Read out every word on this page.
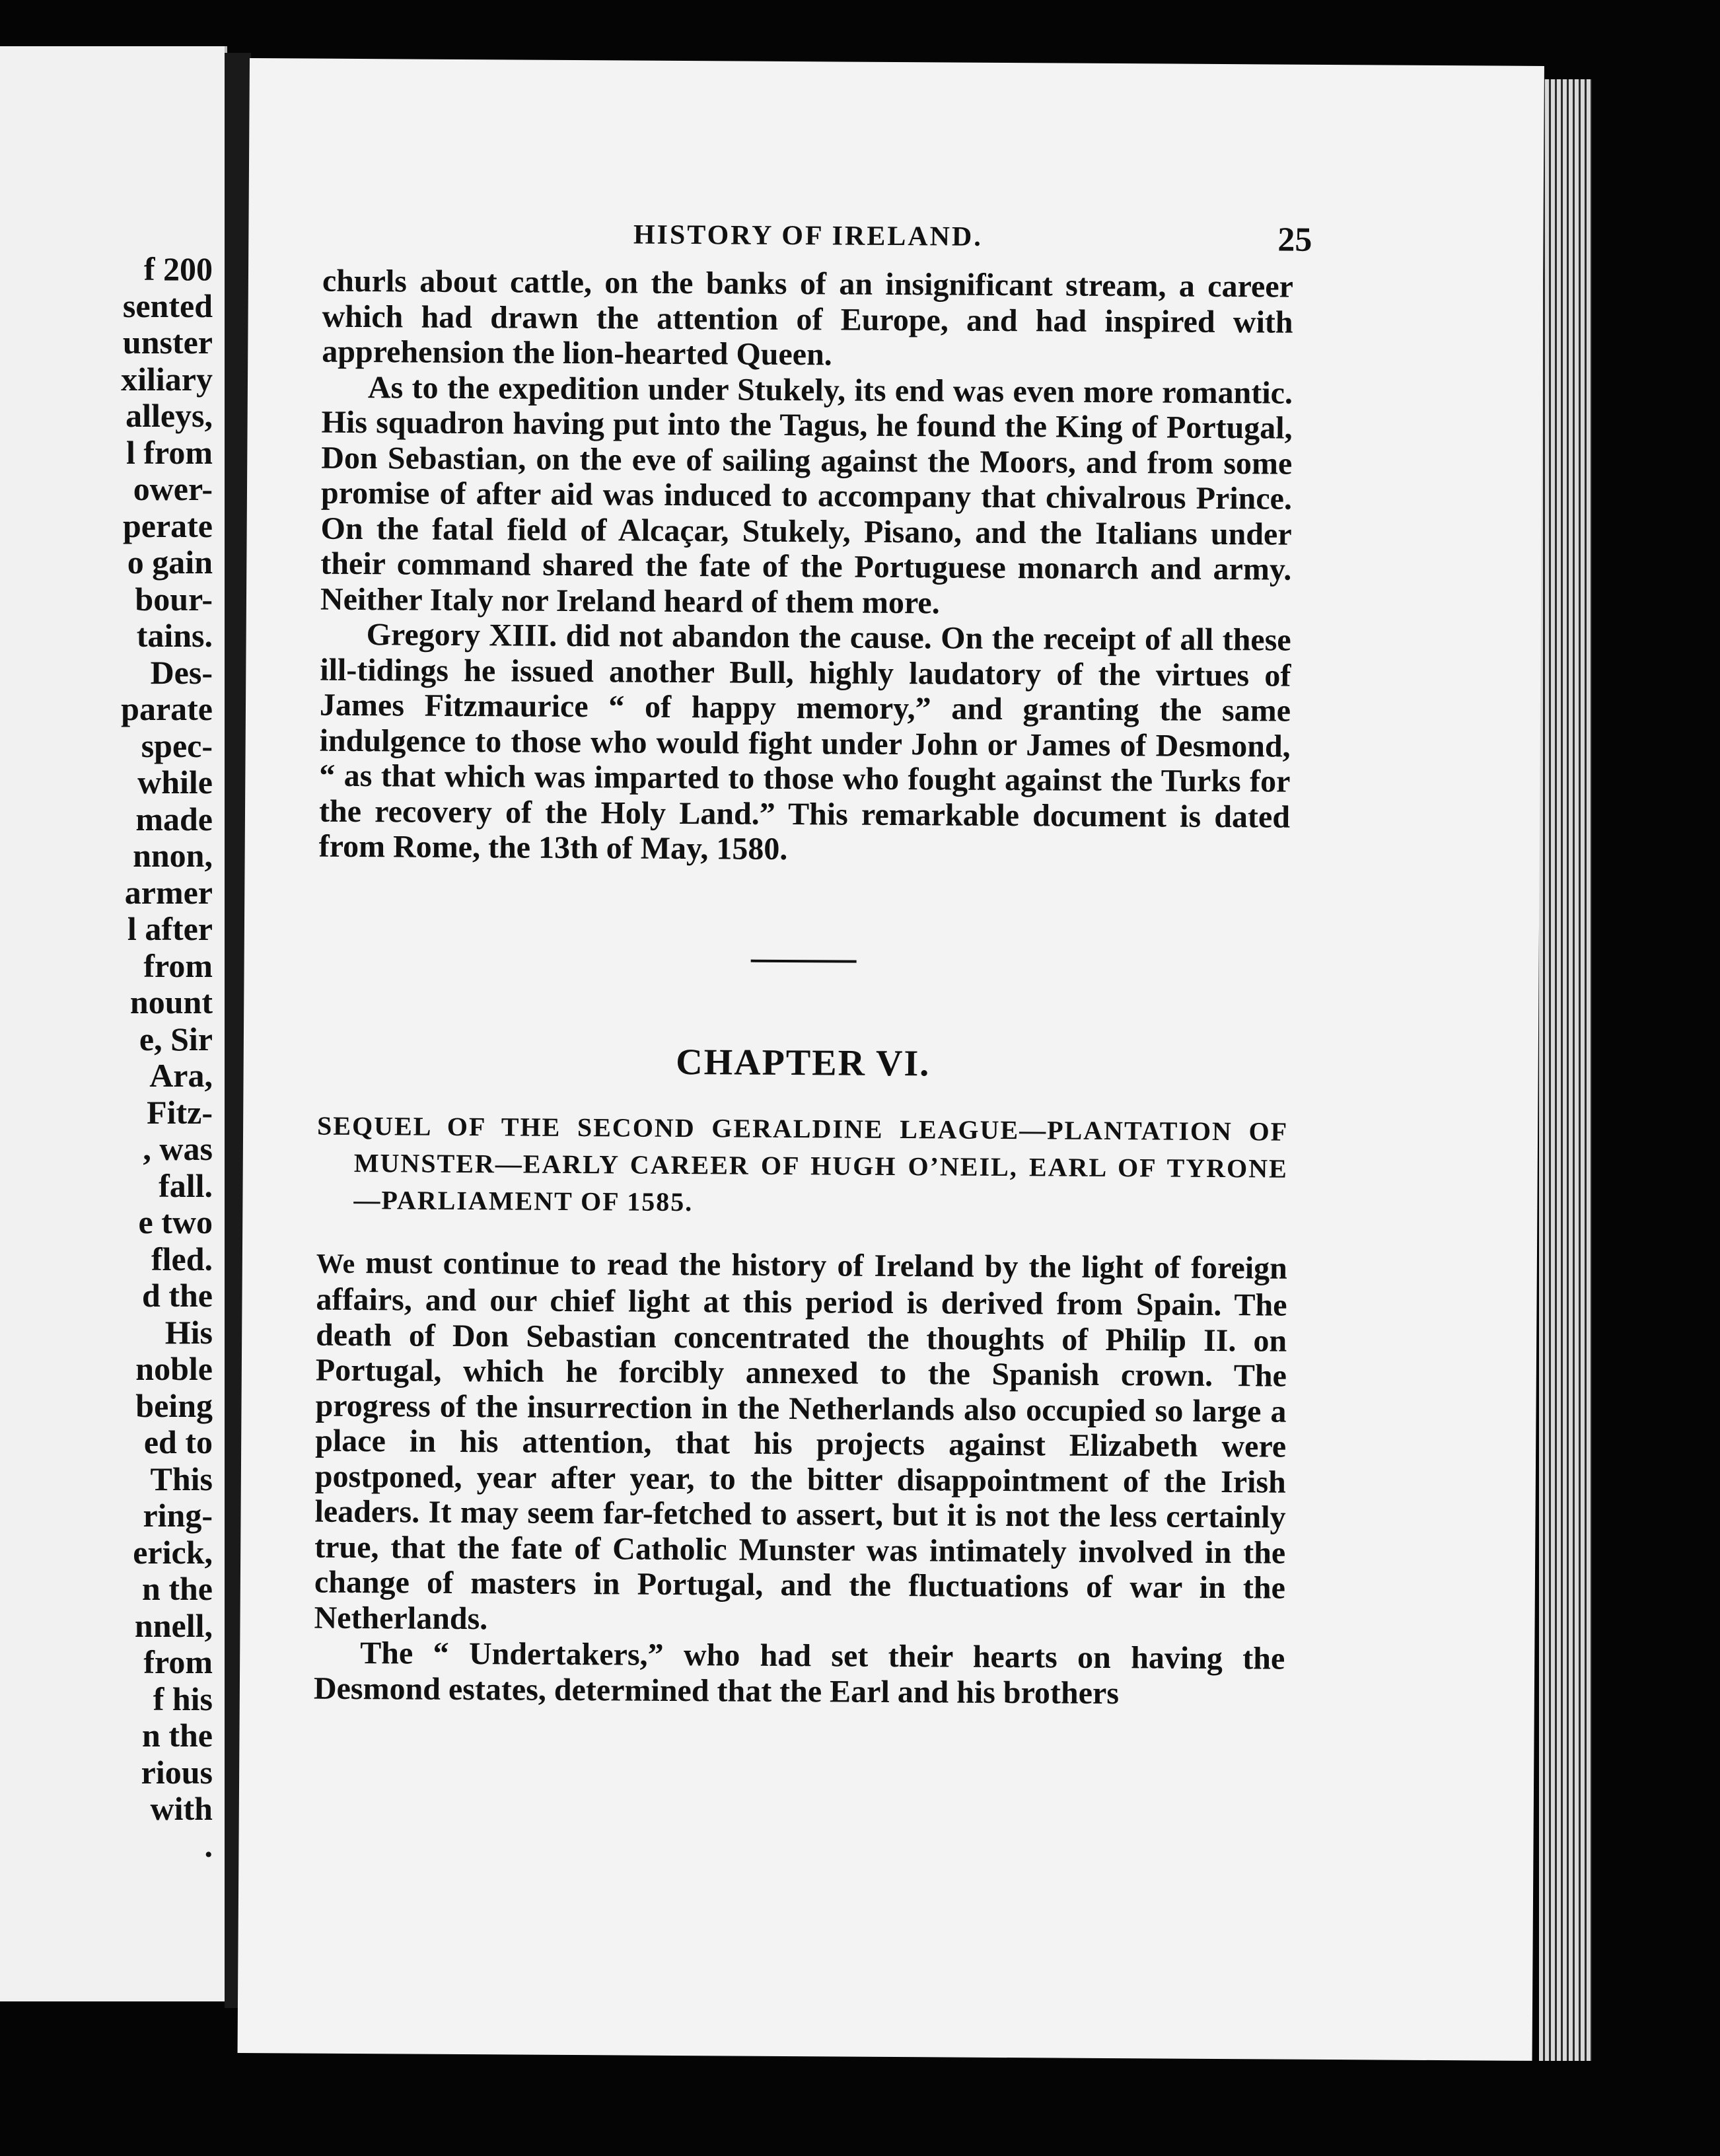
f 200
sented
unster
xiliary
alleys,
l from
ower-
perate
o gain
bour-
tains.
Des-
parate
spec-
while
made
nnon,
armer
l after
from
nount
e, Sir
Ara,
Fitz-
, was
fall.
e two
fled.
d the
His
noble
being
ed to
This
ring-
erick,
n the
nnell,
from
f his
n the
rious
with
.
HISTORY OF IRELAND.	25

churls about cattle, on the banks of an insignificant stream, a career which had drawn the attention of Europe, and had inspired with apprehension the lion-hearted Queen.

As to the expedition under Stukely, its end was even more romantic. His squadron having put into the Tagus, he found the King of Portugal, Don Sebastian, on the eve of sailing against the Moors, and from some promise of after aid was induced to accompany that chivalrous Prince. On the fatal field of Alcaçar, Stukely, Pisano, and the Italians under their command shared the fate of the Portuguese monarch and army. Neither Italy nor Ireland heard of them more.

Gregory XIII. did not abandon the cause. On the receipt of all these ill-tidings he issued another Bull, highly laudatory of the virtues of James Fitzmaurice “ of happy memory,” and granting the same indulgence to those who would fight under John or James of Desmond, “ as that which was imparted to those who fought against the Turks for the recovery of the Holy Land.” This remarkable document is dated from Rome, the 13th of May, 1580.

CHAPTER VI.
SEQUEL OF THE SECOND GERALDINE LEAGUE—PLANTATION OF MUNSTER—EARLY CAREER OF HUGH O’NEIL, EARL OF TYRONE—PARLIAMENT OF 1585.

We must continue to read the history of Ireland by the light of foreign affairs, and our chief light at this period is derived from Spain. The death of Don Sebastian concentrated the thoughts of Philip II. on Portugal, which he forcibly annexed to the Spanish crown. The progress of the insurrection in the Netherlands also occupied so large a place in his attention, that his projects against Elizabeth were postponed, year after year, to the bitter disappointment of the Irish leaders. It may seem far-fetched to assert, but it is not the less certainly true, that the fate of Catholic Munster was intimately involved in the change of masters in Portugal, and the fluctuations of war in the Netherlands.

The “ Undertakers,” who had set their hearts on having the Desmond estates, determined that the Earl and his brothers
